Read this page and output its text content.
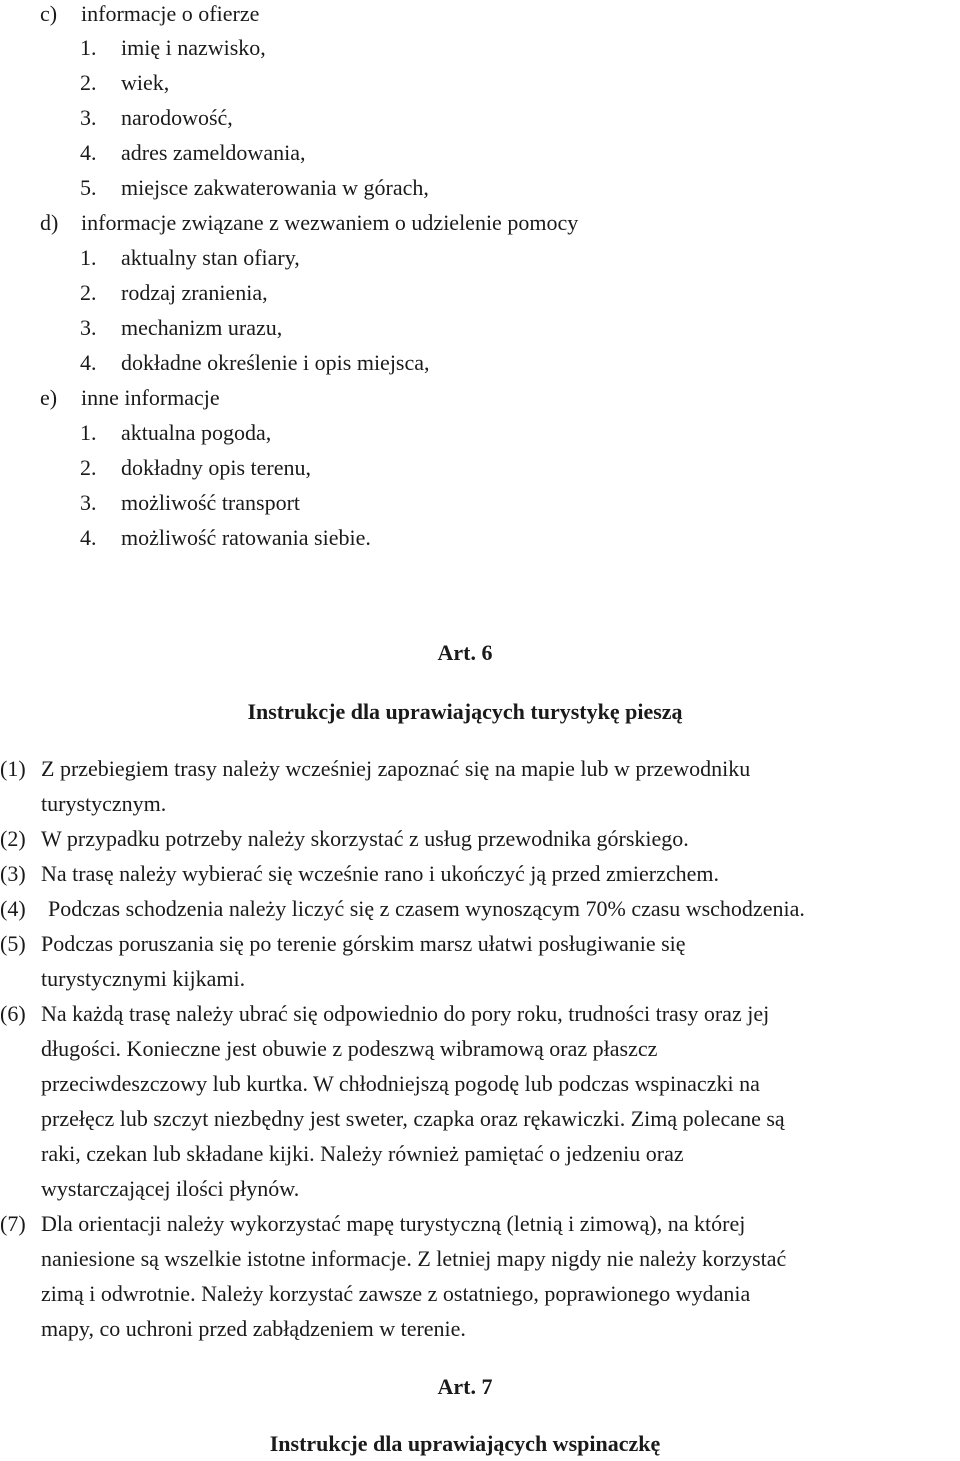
c) informacje o ofierze
1. imię i nazwisko,
2. wiek,
3. narodowość,
4. adres zameldowania,
5. miejsce zakwaterowania w górach,
d) informacje związane z wezwaniem o udzielenie pomocy
1. aktualny stan ofiary,
2. rodzaj zranienia,
3. mechanizm urazu,
4. dokładne określenie i opis miejsca,
e) inne informacje
1. aktualna pogoda,
2. dokładny opis terenu,
3. możliwość transport
4. możliwość ratowania siebie.
Art. 6
Instrukcje dla uprawiających turystykę pieszą
(1) Z przebiegiem trasy należy wcześniej zapoznać się na mapie lub w przewodniku
turystycznym.
(2) W przypadku potrzeby należy skorzystać z usług przewodnika górskiego.
(3) Na trasę należy wybierać się wcześnie rano i ukończyć ją przed zmierzchem.
(4) Podczas schodzenia należy liczyć się z czasem wynoszącym 70% czasu wschodzenia.
(5) Podczas poruszania się po terenie górskim marsz ułatwi posługiwanie się
turystycznymi kijkami.
(6) Na każdą trasę należy ubrać się odpowiednio do pory roku, trudności trasy oraz jej
długości. Konieczne jest obuwie z podeszwą wibramową oraz płaszcz
przeciwdeszczowy lub kurtka. W chłodniejszą pogodę lub podczas wspinaczki na
przełęcz lub szczyt niezbędny jest sweter, czapka oraz rękawiczki. Zimą polecane są
raki, czekan lub składane kijki. Należy również pamiętać o jedzeniu oraz
wystarczającej ilości płynów.
(7) Dla orientacji należy wykorzystać mapę turystyczną (letnią i zimową), na której
naniesione są wszelkie istotne informacje. Z letniej mapy nigdy nie należy korzystać
zimą i odwrotnie. Należy korzystać zawsze z ostatniego, poprawionego wydania
mapy, co uchroni przed zabłądzeniem w terenie.
Art. 7
Instrukcje dla uprawiających wspinaczkę
